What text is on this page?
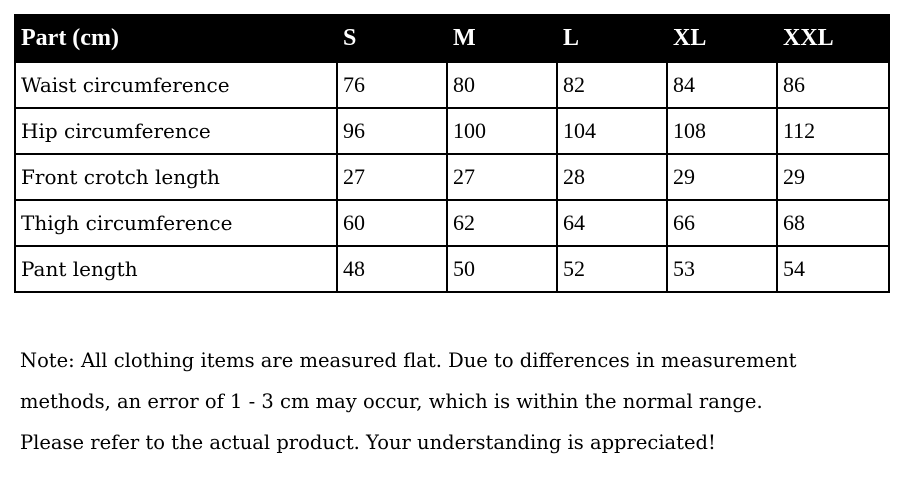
Part (cm)	S	M	L	XL	XXL
Waist circumference	76	80	82	84	86
Hip circumference	96	100	104	108	112
Front crotch length	27	27	28	29	29
Thigh circumference	60	62	64	66	68
Pant length	48	50	52	53	54

Note: All clothing items are measured flat. Due to differences in measurement

methods, an error of 1 - 3 cm may occur, which is within the normal range.

Please refer to the actual product. Your understanding is appreciated!
